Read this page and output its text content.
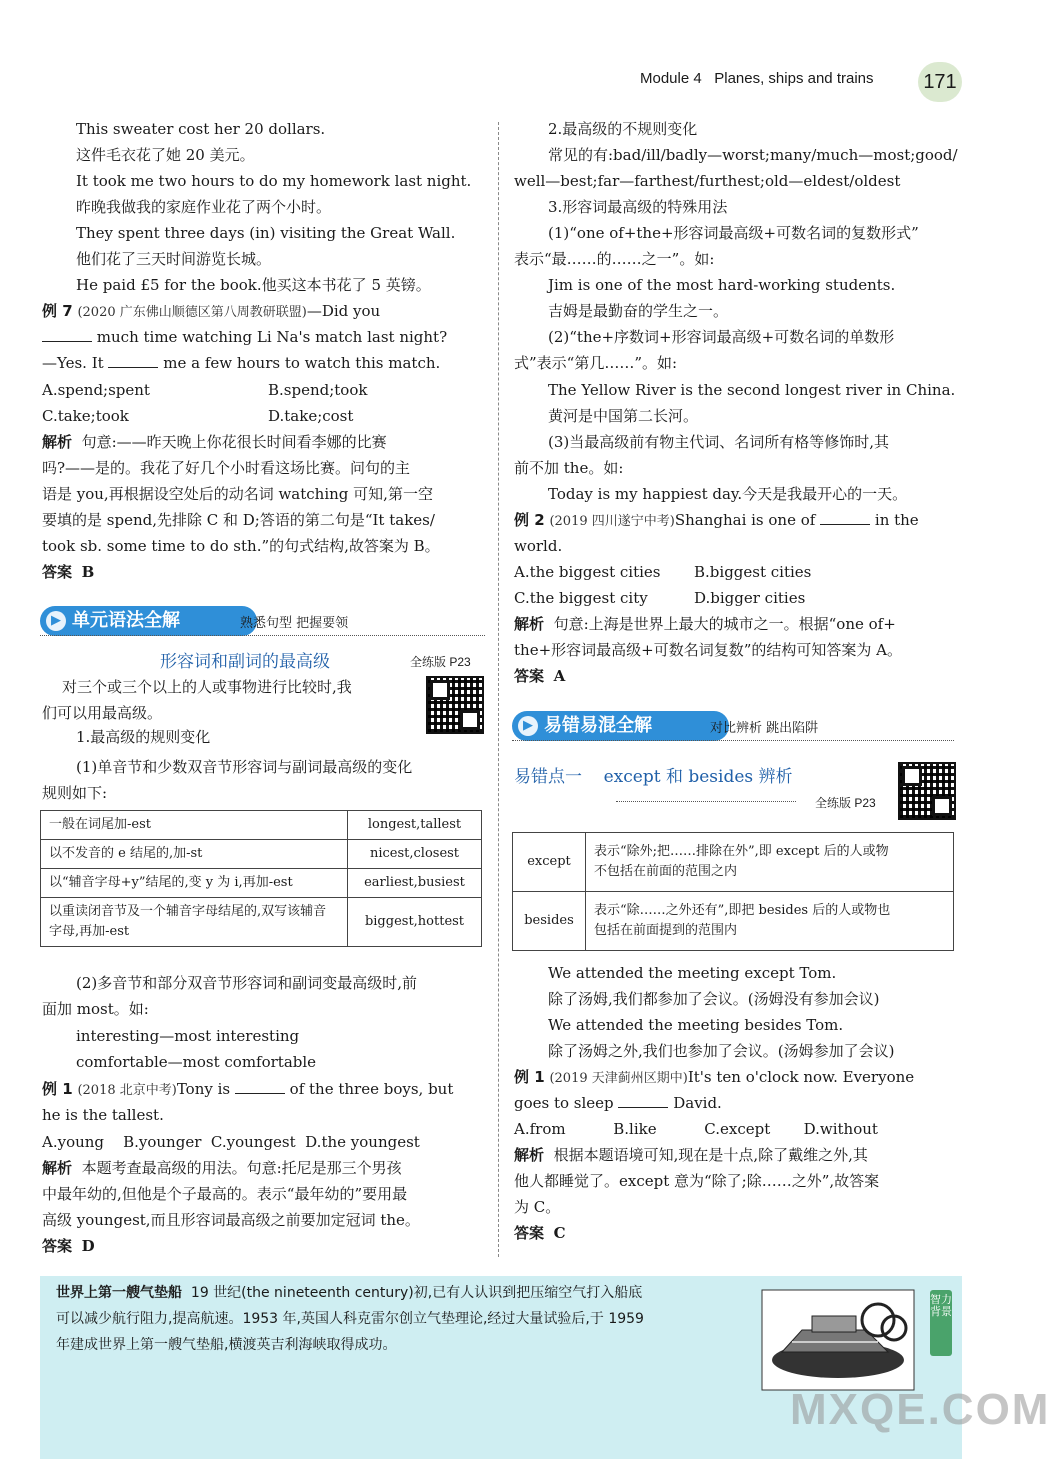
Module 4 Planes, ships and trains 171
This sweater cost her 20 dollars.
这件毛衣花了她 20 美元。
It took me two hours to do my homework last night.
昨晚我做我的家庭作业花了两个小时。
They spent three days (in) visiting the Great Wall.
他们花了三天时间游览长城。
He paid £5 for the book.他买这本书花了 5 英镑。
例 7 (2020 广东佛山顺德区第八周教研联盟)—Did you
much time watching Li Na's match last night?
—Yes. It	me a few hours to watch this match.
A.spend;spent	B.spend;took
C.take;took	D.take;cost
解析 句意:——昨天晚上你花很长时间看李娜的比赛
吗?——是的。我花了好几个小时看这场比赛。问句的主
语是 you,再根据设空处后的动名词 watching 可知,第一空
要填的是 spend,先排除 C 和 D;答语的第二句是“It takes/
took sb. some time to do sth.”的句式结构,故答案为 B。
答案 B
▶ 单元语法全解	熟悉句型 把握要领
形容词和副词的最高级	全练版 P23
对三个或三个以上的人或事物进行比较时,我
们可以用最高级。
1.最高级的规则变化
(1)单音节和少数双音节形容词与副词最高级的变化
规则如下:
一般在词尾加-est	longest,tallest
以不发音的 e 结尾的,加-st	nicest,closest
以“辅音字母+y”结尾的,变 y 为 i,再加-est	earliest,busiest
以重读闭音节及一个辅音字母结尾的,双写该辅音字母,再加-est	biggest,hottest
(2)多音节和部分双音节形容词和副词变最高级时,前
面加 most。如:
interesting—most interesting
comfortable—most comfortable
例 1 (2018 北京中考)Tony is	of the three boys, but
he is the tallest.
A.young    B.younger  C.youngest  D.the youngest
解析 本题考查最高级的用法。句意:托尼是那三个男孩
中最年幼的,但他是个子最高的。表示“最年幼的”要用最
高级 youngest,而且形容词最高级之前要加定冠词 the。
答案 D
2.最高级的不规则变化
常见的有:bad/ill/badly—worst;many/much—most;good/
well—best;far—farthest/furthest;old—eldest/oldest
3.形容词最高级的特殊用法
(1)“one of+the+形容词最高级+可数名词的复数形式”
表示“最……的……之一”。如:
Jim is one of the most hard-working students.
吉姆是最勤奋的学生之一。
(2)“the+序数词+形容词最高级+可数名词的单数形
式”表示“第几……”。如:
The Yellow River is the second longest river in China.
黄河是中国第二长河。
(3)当最高级前有物主代词、名词所有格等修饰时,其
前不加 the。如:
Today is my happiest day.今天是我最开心的一天。
例 2 (2019 四川遂宁中考)Shanghai is one of	in the
world.
A.the biggest cities B.biggest cities
C.the biggest city	D.bigger cities
解析 句意:上海是世界上最大的城市之一。根据“one of+
the+形容词最高级+可数名词复数”的结构可知答案为 A。
答案 A
▶ 易错易混全解	对比辨析 跳出陷阱
易错点一    except 和 besides 辨析
全练版 P23
except	表示“除外;把……排除在外”,即 except 后的人或物
不包括在前面的范围之内

besides	表示“除……之外还有”,即把 besides 后的人或物也
包括在前面提到的范围内
We attended the meeting except Tom.
除了汤姆,我们都参加了会议。(汤姆没有参加会议)
We attended the meeting besides Tom.
除了汤姆之外,我们也参加了会议。(汤姆参加了会议)
例 1 (2019 天津蓟州区期中)It's ten o'clock now. Everyone
goes to sleep	David.
A.from          B.like          C.except       D.without
解析 根据本题语境可知,现在是十点,除了戴维之外,其
他人都睡觉了。except 意为“除了;除……之外”,故答案
为 C。
答案 C
世界上第一艘气垫船 19 世纪(the nineteenth century)初,已有人认识到把压缩空气打入船底
可以减少航行阻力,提高航速。1953 年,英国人科克雷尔创立气垫理论,经过大量试验后,于 1959
年建成世界上第一艘气垫船,横渡英吉利海峡取得成功。
智力背景
MXQE.COM
